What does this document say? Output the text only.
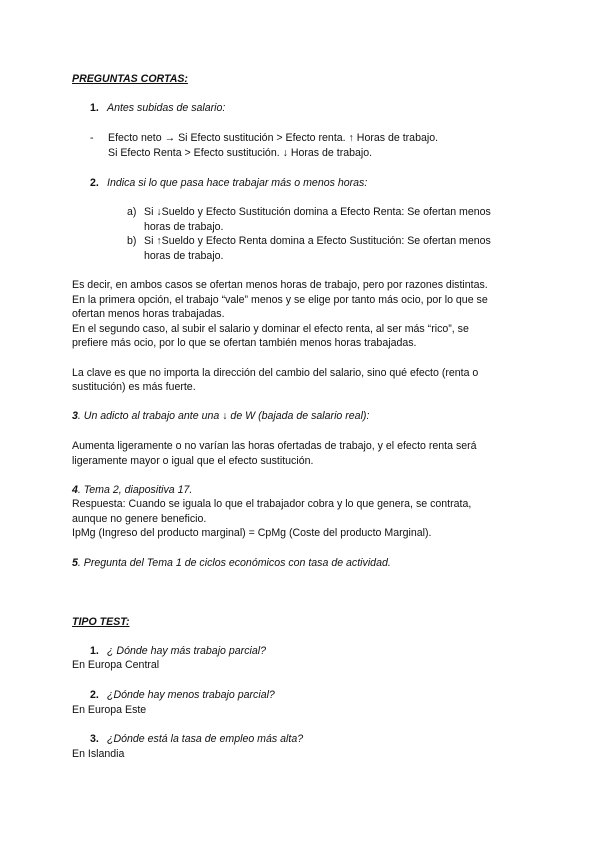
PREGUNTAS CORTAS:
1. Antes subidas de salario:
- Efecto neto → Si Efecto sustitución > Efecto renta. ↑ Horas de trabajo.
Si Efecto Renta > Efecto sustitución. ↓ Horas de trabajo.
2. Indica si lo que pasa hace trabajar más o menos horas:
a) Si ↓Sueldo y Efecto Sustitución domina a Efecto Renta: Se ofertan menos
horas de trabajo.
b) Si ↑Sueldo y Efecto Renta domina a Efecto Sustitución: Se ofertan menos
horas de trabajo.
Es decir, en ambos casos se ofertan menos horas de trabajo, pero por razones distintas.
En la primera opción, el trabajo “vale” menos y se elige por tanto más ocio, por lo que se
ofertan menos horas trabajadas.
En el segundo caso, al subir el salario y dominar el efecto renta, al ser más “rico”, se
prefiere más ocio, por lo que se ofertan también menos horas trabajadas.
La clave es que no importa la dirección del cambio del salario, sino qué efecto (renta o
sustitución) es más fuerte.
3. Un adicto al trabajo ante una ↓ de W (bajada de salario real):
Aumenta ligeramente o no varían las horas ofertadas de trabajo, y el efecto renta será
ligeramente mayor o igual que el efecto sustitución.
4. Tema 2, diapositiva 17.
Respuesta: Cuando se iguala lo que el trabajador cobra y lo que genera, se contrata,
aunque no genere beneficio.
IpMg (Ingreso del producto marginal) = CpMg (Coste del producto Marginal).
5. Pregunta del Tema 1 de ciclos económicos con tasa de actividad.
TIPO TEST:
1. ¿ Dónde hay más trabajo parcial?
En Europa Central
2. ¿Dónde hay menos trabajo parcial?
En Europa Este
3. ¿Dónde está la tasa de empleo más alta?
En Islandia
